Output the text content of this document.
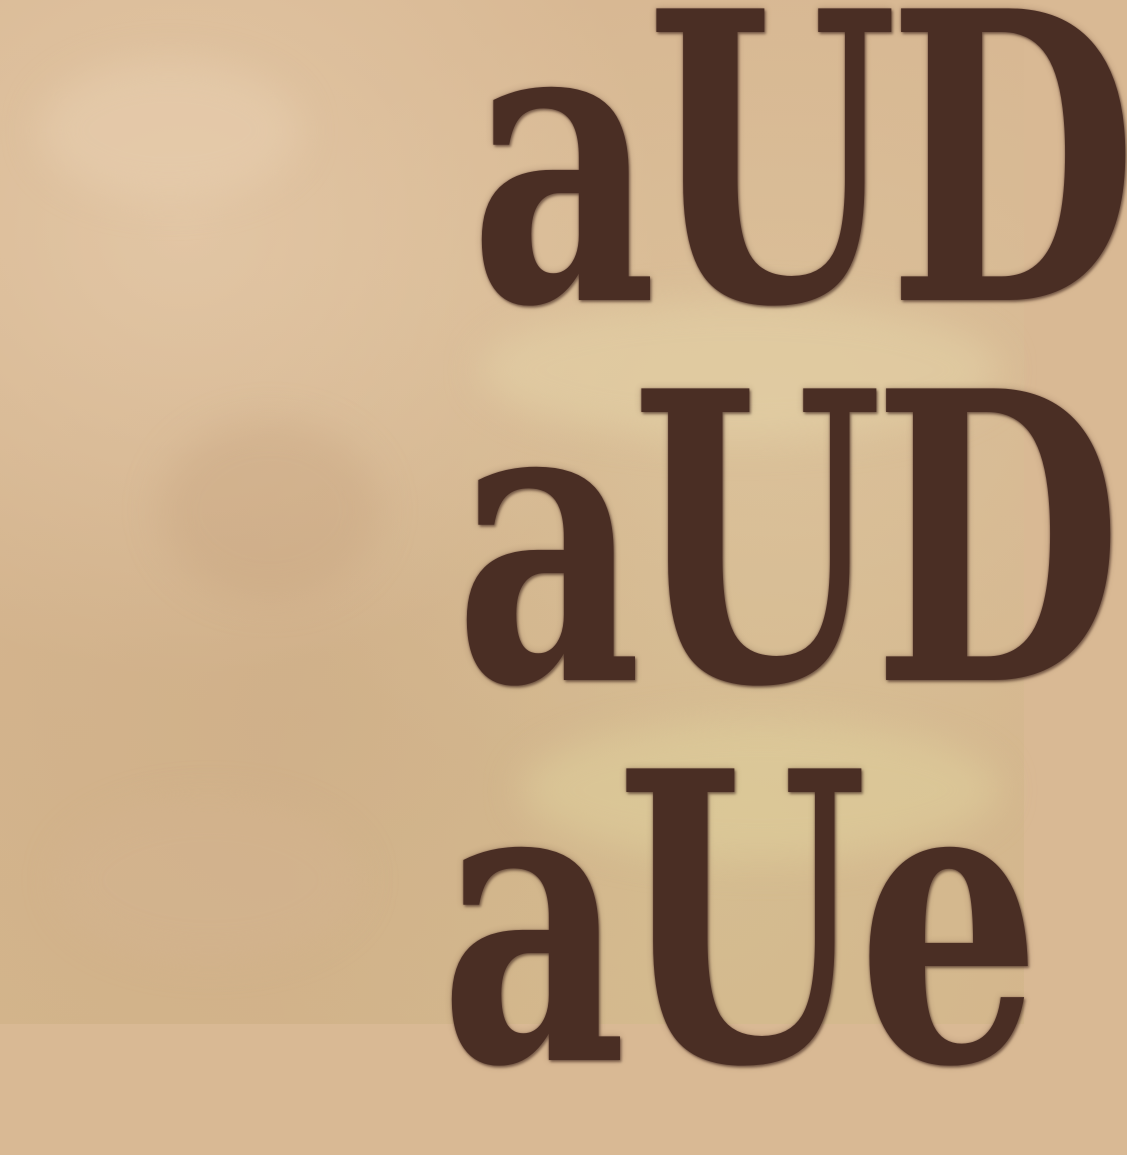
aUD

aUD

aUe
